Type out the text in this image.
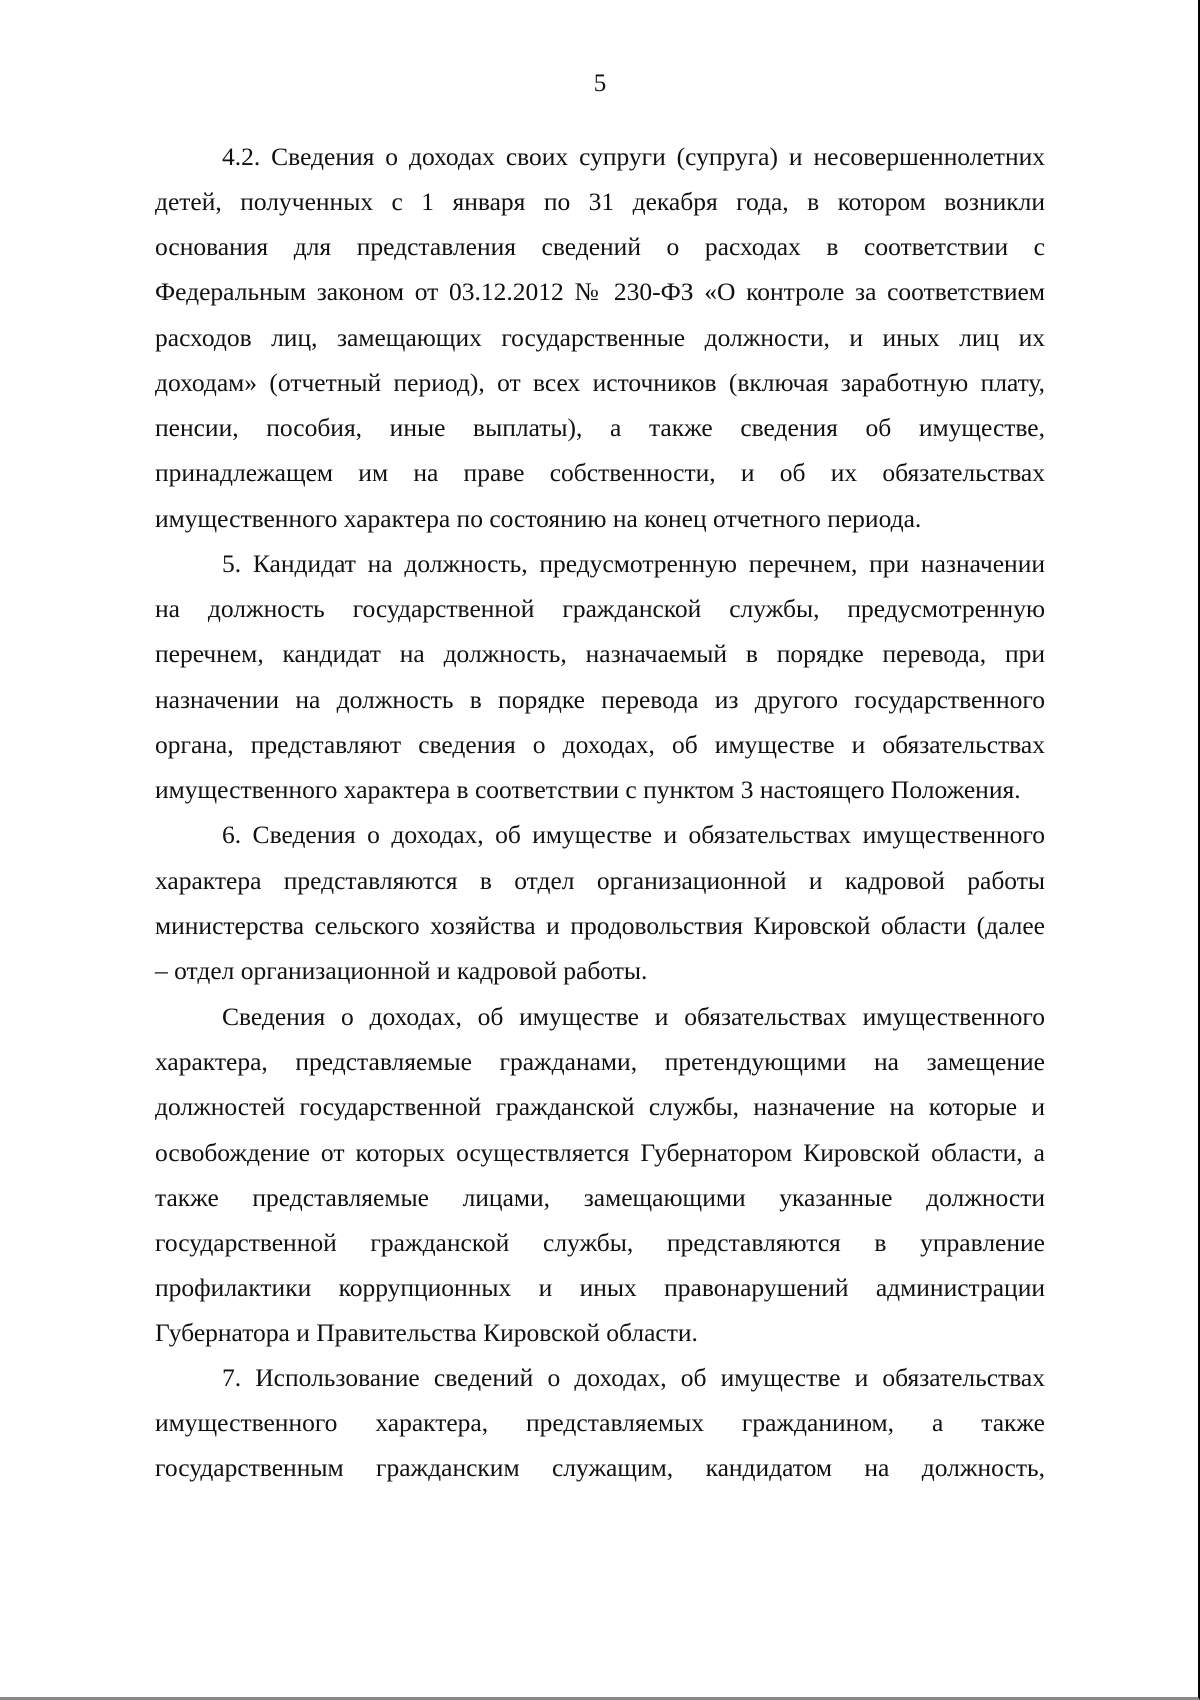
5
4.2. Сведения о доходах своих супруги (супруга) и несовершеннолетних
детей, полученных с 1 января по 31 декабря года, в котором возникли
основания для представления сведений о расходах в соответствии с
Федеральным законом от 03.12.2012 № 230-ФЗ «О контроле за соответствием
расходов лиц, замещающих государственные должности, и иных лиц их
доходам» (отчетный период), от всех источников (включая заработную плату,
пенсии, пособия, иные выплаты), а также сведения об имуществе,
принадлежащем им на праве собственности, и об их обязательствах
имущественного характера по состоянию на конец отчетного периода.
5. Кандидат на должность, предусмотренную перечнем, при назначении
на должность государственной гражданской службы, предусмотренную
перечнем, кандидат на должность, назначаемый в порядке перевода, при
назначении на должность в порядке перевода из другого государственного
органа, представляют сведения о доходах, об имуществе и обязательствах
имущественного характера в соответствии с пунктом 3 настоящего Положения.
6. Сведения о доходах, об имуществе и обязательствах имущественного
характера представляются в отдел организационной и кадровой работы
министерства сельского хозяйства и продовольствия Кировской области (далее
– отдел организационной и кадровой работы.
Сведения о доходах, об имуществе и обязательствах имущественного
характера, представляемые гражданами, претендующими на замещение
должностей государственной гражданской службы, назначение на которые и
освобождение от которых осуществляется Губернатором Кировской области, а
также представляемые лицами, замещающими указанные должности
государственной гражданской службы, представляются в управление
профилактики коррупционных и иных правонарушений администрации
Губернатора и Правительства Кировской области.
7. Использование сведений о доходах, об имуществе и обязательствах
имущественного характера, представляемых гражданином, а также
государственным гражданским служащим, кандидатом на должность,
